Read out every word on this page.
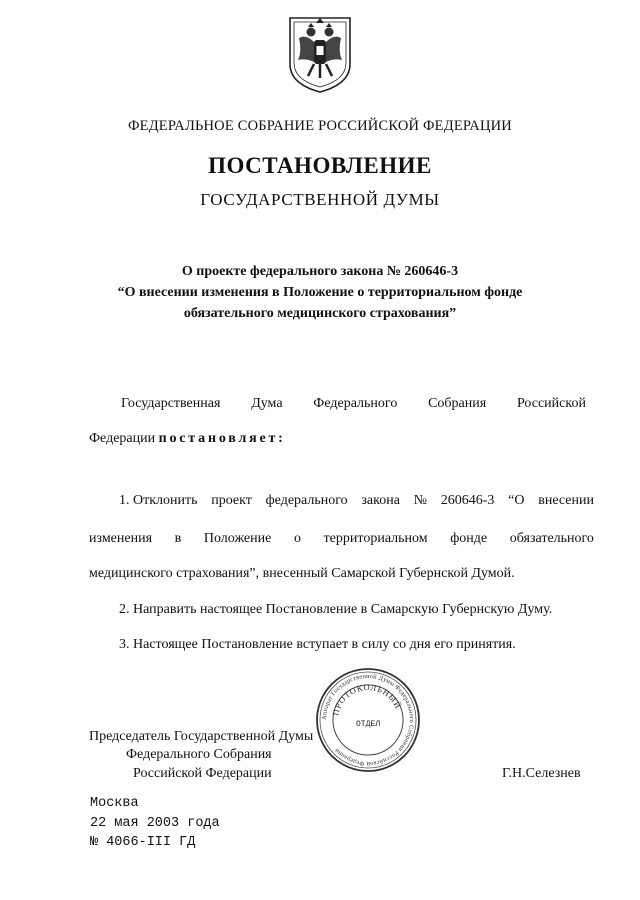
ФЕДЕРАЛЬНОЕ СОБРАНИЕ РОССИЙСКОЙ ФЕДЕРАЦИИ
ПОСТАНОВЛЕНИЕ
ГОСУДАРСТВЕННОЙ ДУМЫ
О проекте федерального закона № 260646-3
“О внесении изменения в Положение о территориальном фонде
обязательного медицинского страхования”
Государственная Дума Федерального Собрания Российской
Федерации постановляет:
1. Отклонить проект федерального закона № 260646-3 “О внесении
изменения в Положение о территориальном фонде обязательного
медицинского страхования”, внесенный Самарской Губернской Думой.
2. Направить настоящее Постановление в Самарскую Губернскую Думу.
3. Настоящее Постановление вступает в силу со дня его принятия.
Аппарат Государственной Думы Федерального Собрания Российской Федерации
ПРОТОКОЛЬНЫЙ
ОТДЕЛ
Председатель Государственной Думы
Федерального Собрания
Российской Федерации	Г.Н.Селезнев
Москва
22 мая 2003 года
№ 4066-III ГД
